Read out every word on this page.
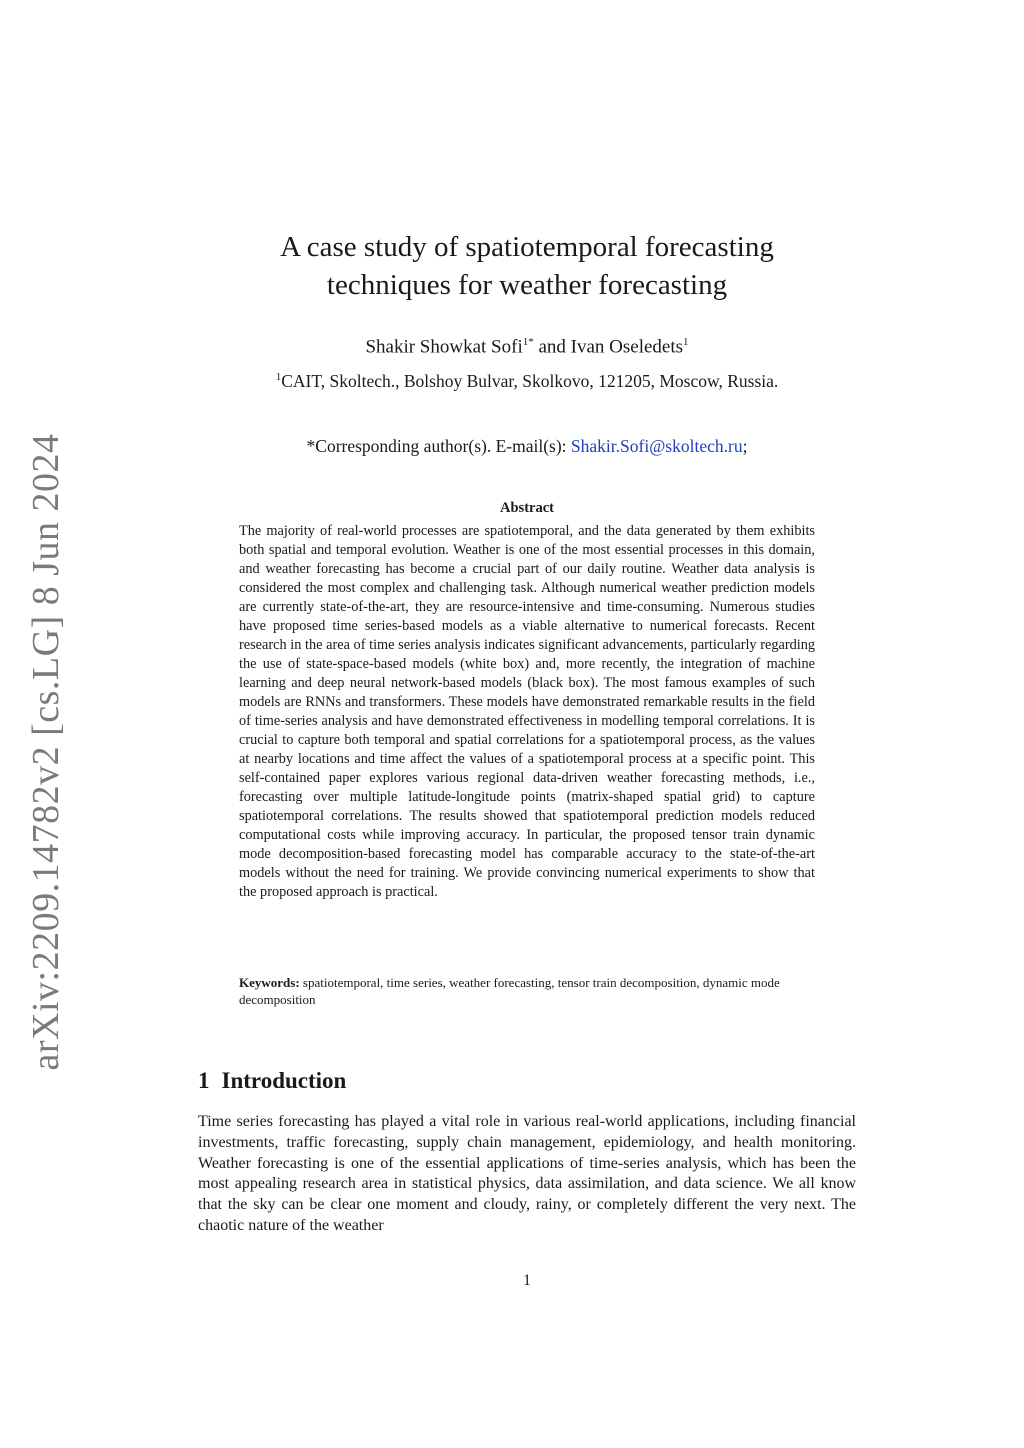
arXiv:2209.14782v2 [cs.LG] 8 Jun 2024
A case study of spatiotemporal forecasting
techniques for weather forecasting
Shakir Showkat Sofi$^{1*}$ and Ivan Oseledets$^1$
$^1$CAIT, Skoltech., Bolshoy Bulvar, Skolkovo, 121205, Moscow, Russia.
*Corresponding author(s). E-mail(s): Shakir.Sofi@skoltech.ru;
Abstract
The majority of real-world processes are spatiotemporal, and the data generated by them exhibits both spatial and temporal evolution. Weather is one of the most essential processes in this domain, and weather forecasting has become a crucial part of our daily routine. Weather data analysis is considered the most complex and challenging task. Although numerical weather prediction models are currently state-of-the-art, they are resource-intensive and time-consuming. Numerous studies have proposed time series-based models as a viable alternative to numerical forecasts. Recent research in the area of time series analysis indicates significant advancements, particularly regarding the use of state-space-based models (white box) and, more recently, the integration of machine learning and deep neural network-based models (black box). The most famous examples of such models are RNNs and transformers. These models have demonstrated remarkable results in the field of time-series analysis and have demonstrated effectiveness in modelling temporal correlations. It is crucial to capture both temporal and spatial correlations for a spatiotemporal process, as the values at nearby locations and time affect the values of a spatiotemporal process at a specific point. This self-contained paper explores various regional data-driven weather forecasting methods, i.e., forecasting over multiple latitude-longitude points (matrix-shaped spatial grid) to capture spatiotemporal correlations. The results showed that spatiotemporal prediction models reduced computational costs while improving accuracy. In particular, the proposed tensor train dynamic mode decomposition-based forecasting model has comparable accuracy to the state-of-the-art models without the need for training. We provide convincing numerical experiments to show that the proposed approach is practical.
Keywords: spatiotemporal, time series, weather forecasting, tensor train decomposition, dynamic mode decomposition
1 Introduction
Time series forecasting has played a vital role in various real-world applications, including financial investments, traffic forecasting, supply chain management, epidemiology, and health monitoring. Weather forecasting is one of the essential applications of time-series analysis, which has been the most appealing research area in statistical physics, data assimilation, and data science. We all know that the sky can be clear one moment and cloudy, rainy, or completely different the very next. The chaotic nature of the weather
1
